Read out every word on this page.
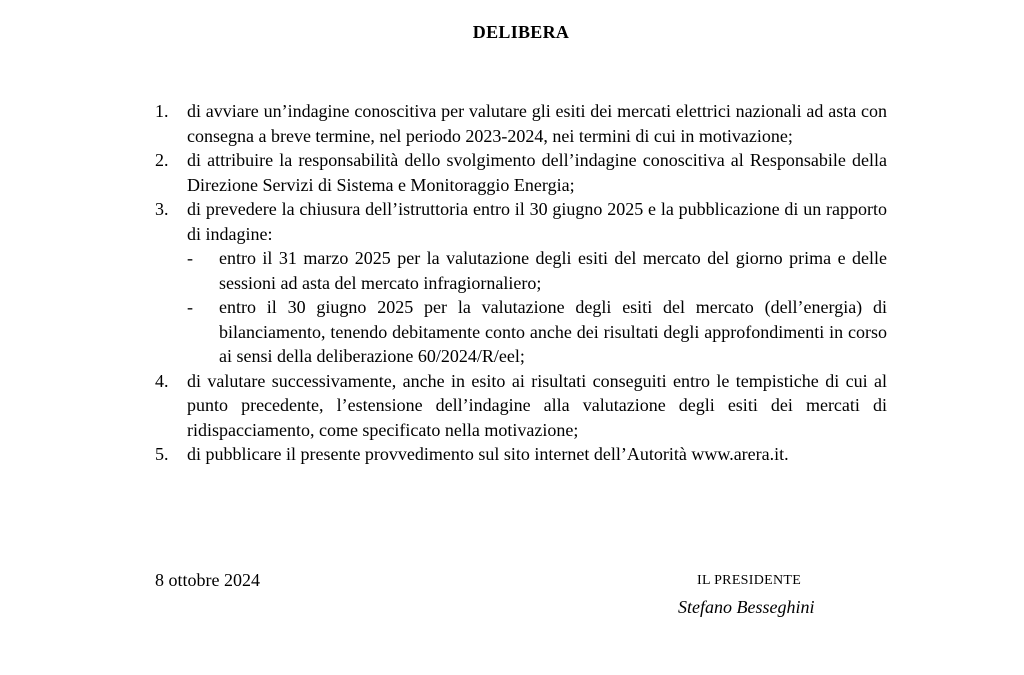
DELIBERA
1. di avviare un’indagine conoscitiva per valutare gli esiti dei mercati elettrici nazionali ad asta con consegna a breve termine, nel periodo 2023-2024, nei termini di cui in motivazione;
2. di attribuire la responsabilità dello svolgimento dell’indagine conoscitiva al Responsabile della Direzione Servizi di Sistema e Monitoraggio Energia;
3. di prevedere la chiusura dell’istruttoria entro il 30 giugno 2025 e la pubblicazione di un rapporto di indagine:
- entro il 31 marzo 2025 per la valutazione degli esiti del mercato del giorno prima e delle sessioni ad asta del mercato infragiornaliero;
- entro il 30 giugno 2025 per la valutazione degli esiti del mercato (dell’energia) di bilanciamento, tenendo debitamente conto anche dei risultati degli approfondimenti in corso ai sensi della deliberazione 60/2024/R/eel;
4. di valutare successivamente, anche in esito ai risultati conseguiti entro le tempistiche di cui al punto precedente, l’estensione dell’indagine alla valutazione degli esiti dei mercati di ridispacciamento, come specificato nella motivazione;
5. di pubblicare il presente provvedimento sul sito internet dell’Autorità www.arera.it.
8 ottobre 2024	IL PRESIDENTE
Stefano Besseghini
